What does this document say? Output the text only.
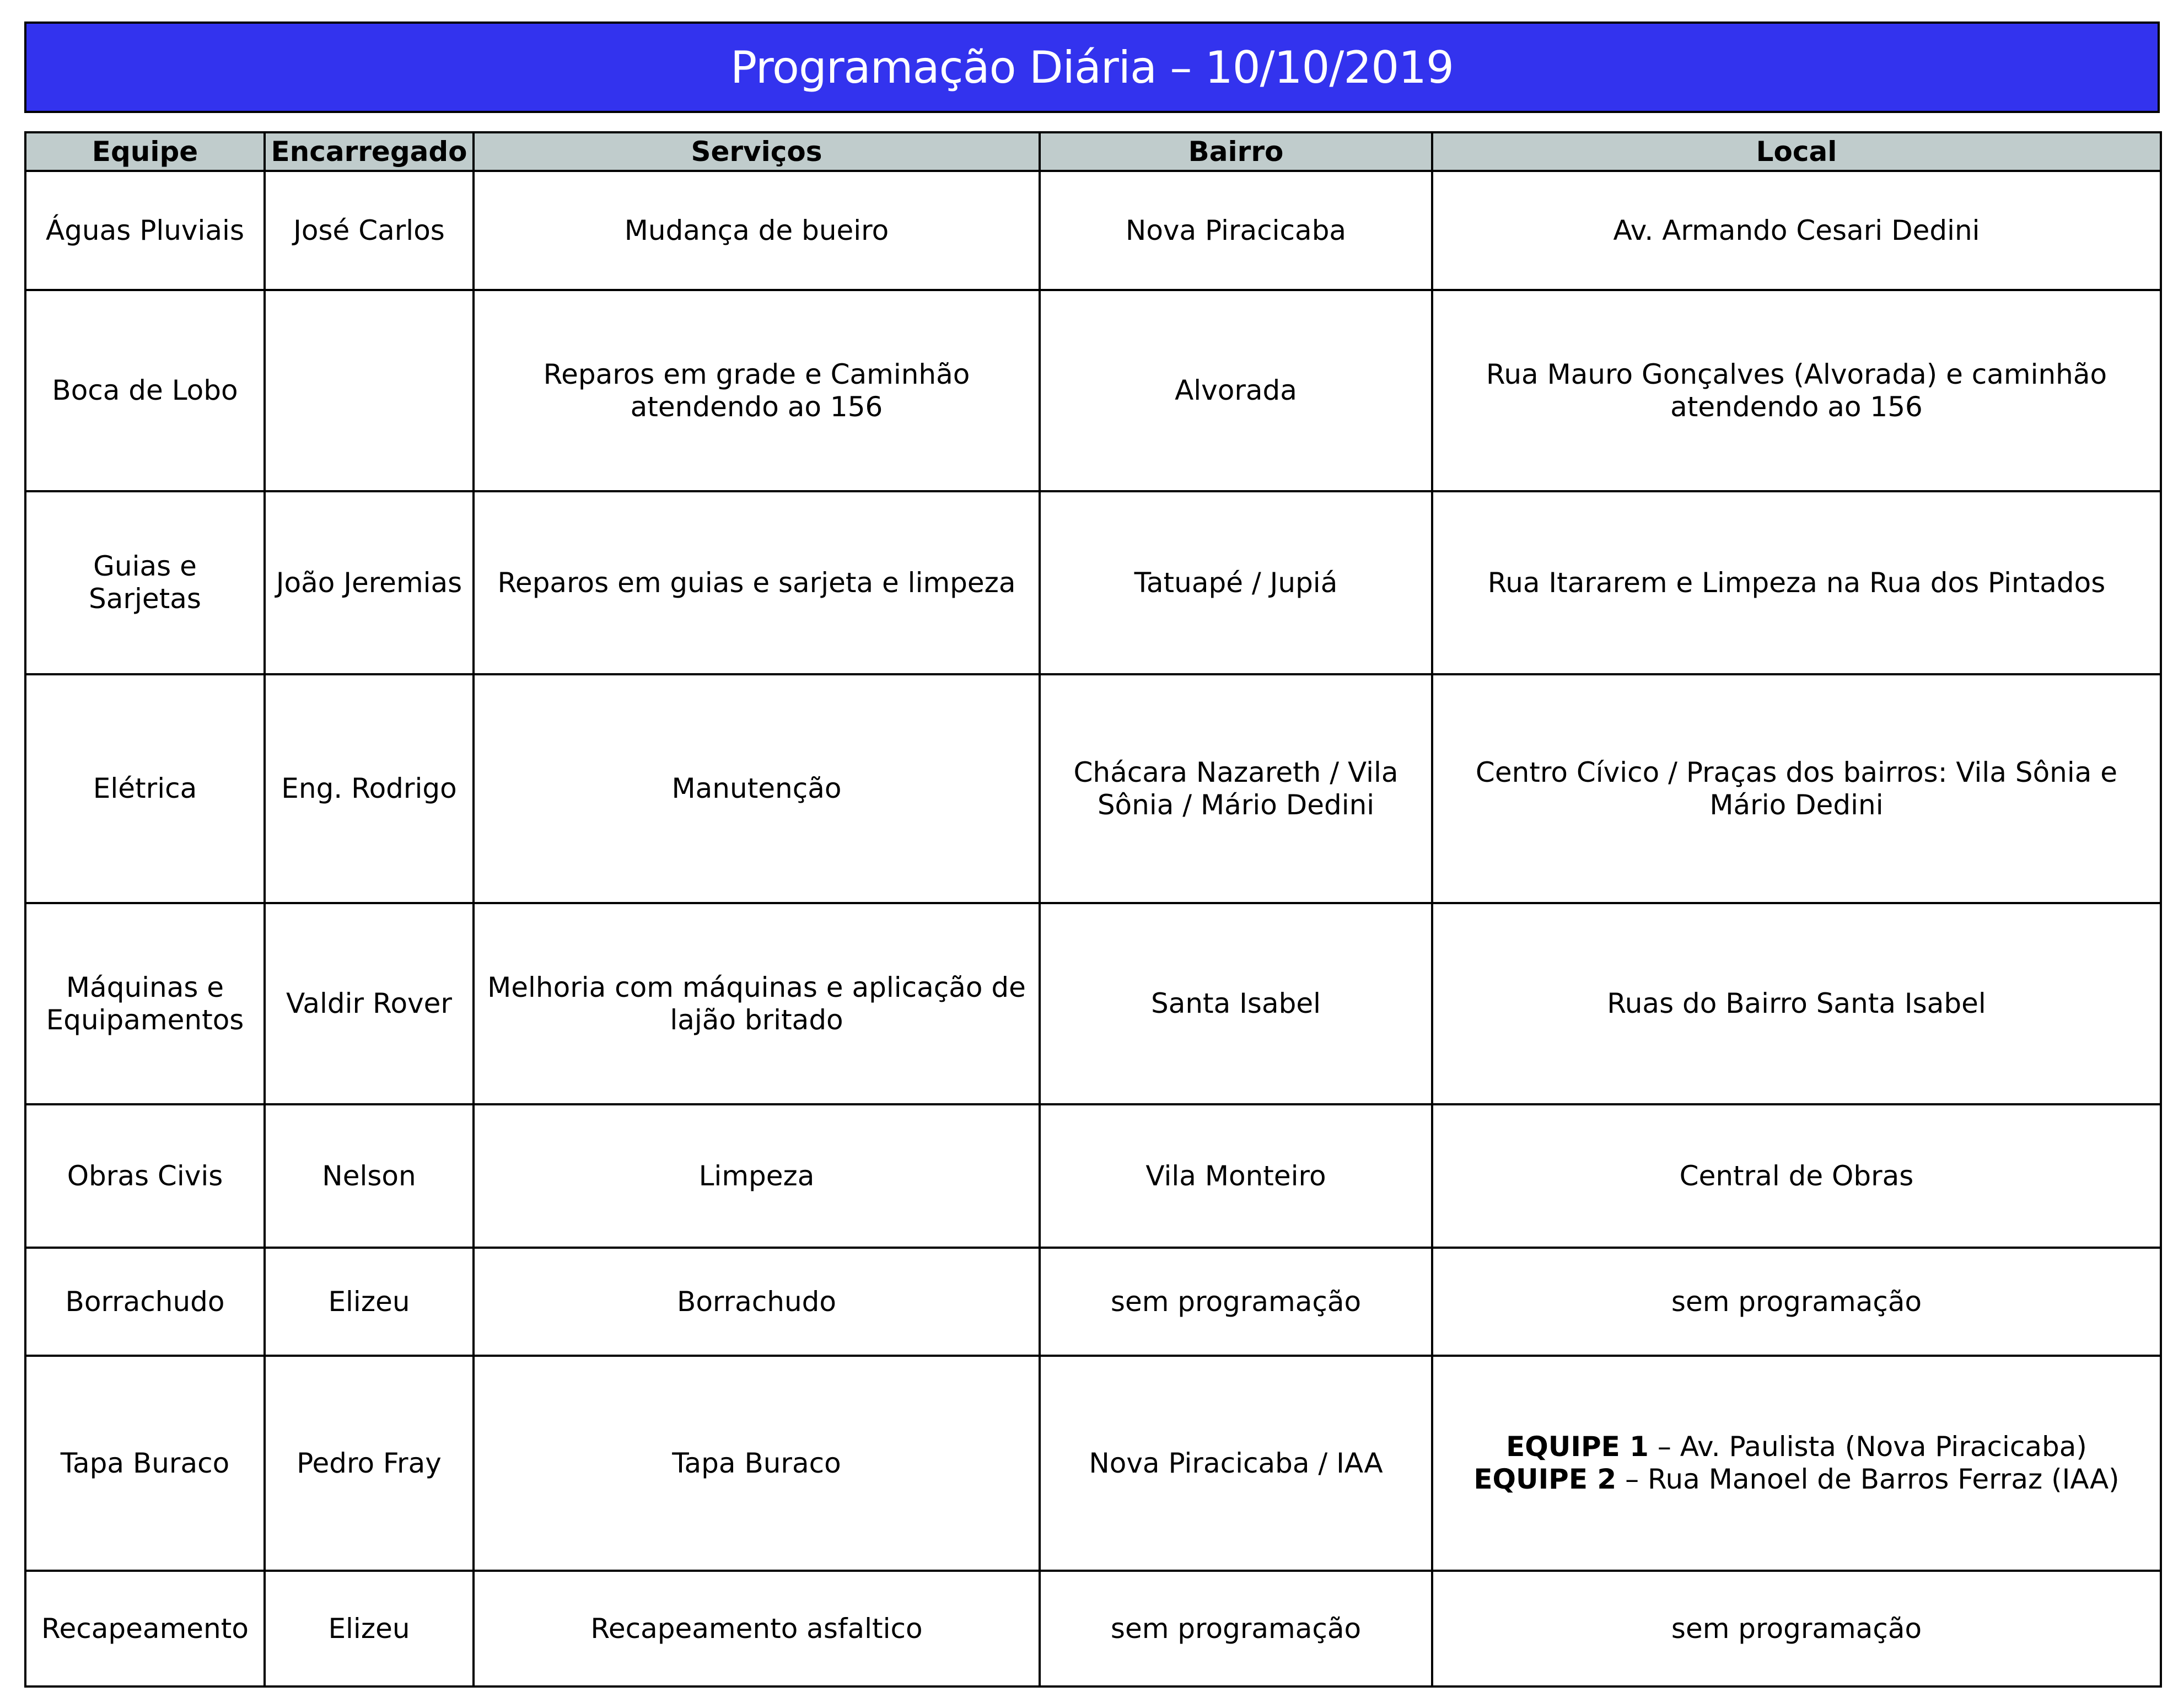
Programação Diária – 10/10/2019
Equipe	Encarregado	Serviços	Bairro	Local
Águas Pluviais	José Carlos	Mudança de bueiro	Nova Piracicaba	Av. Armando Cesari Dedini
Boca de Lobo		Reparos em grade e Caminhão atendendo ao 156	Alvorada	Rua Mauro Gonçalves (Alvorada) e caminhão atendendo ao 156
Guias e Sarjetas	João Jeremias	Reparos em guias e sarjeta e limpeza	Tatuapé / Jupiá	Rua Itararem e Limpeza na Rua dos Pintados
Elétrica	Eng. Rodrigo	Manutenção	Chácara Nazareth / Vila Sônia / Mário Dedini	Centro Cívico / Praças dos bairros: Vila Sônia e Mário Dedini
Máquinas e Equipamentos	Valdir Rover	Melhoria com máquinas e aplicação de lajão britado	Santa Isabel	Ruas do Bairro Santa Isabel
Obras Civis	Nelson	Limpeza	Vila Monteiro	Central de Obras
Borrachudo	Elizeu	Borrachudo	sem programação	sem programação
Tapa Buraco	Pedro Fray	Tapa Buraco	Nova Piracicaba / IAA	EQUIPE 1 – Av. Paulista (Nova Piracicaba)
EQUIPE 2 – Rua Manoel de Barros Ferraz (IAA)

Recapeamento	Elizeu	Recapeamento asfaltico	sem programação	sem programação
